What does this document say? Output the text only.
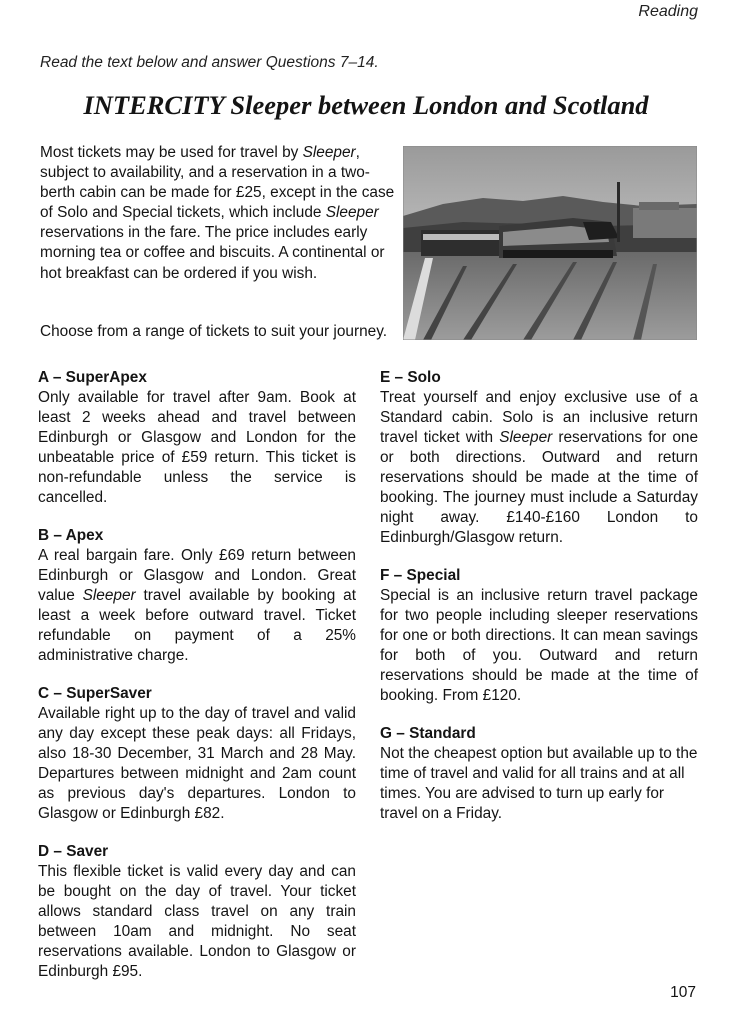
Reading
Read the text below and answer Questions 7–14.
INTERCITY Sleeper between London and Scotland

Most tickets may be used for travel by Sleeper, subject to availability, and a reservation in a two-berth cabin can be made for £25, except in the case of Solo and Special tickets, which include Sleeper reservations in the fare. The price includes early morning tea or coffee and biscuits. A continental or hot breakfast can be ordered if you wish.

Choose from a range of tickets to suit your journey.

A – SuperApex

Only available for travel after 9am. Book at least 2 weeks ahead and travel between Edinburgh or Glasgow and London for the unbeatable price of £59 return. This ticket is non-refundable unless the service is cancelled.

B – Apex

A real bargain fare. Only £69 return between Edinburgh or Glasgow and London. Great value Sleeper travel available by booking at least a week before outward travel. Ticket refundable on payment of a 25% administrative charge.

C – SuperSaver

Available right up to the day of travel and valid any day except these peak days: all Fridays, also 18-30 December, 31 March and 28 May. Departures between midnight and 2am count as previous day's departures. London to Glasgow or Edinburgh £82.

D – Saver

This flexible ticket is valid every day and can be bought on the day of travel. Your ticket allows standard class travel on any train between 10am and midnight. No seat reservations available. London to Glasgow or Edinburgh £95.

E – Solo

Treat yourself and enjoy exclusive use of a Standard cabin. Solo is an inclusive return travel ticket with Sleeper reservations for one or both directions. Outward and return reservations should be made at the time of booking. The journey must include a Saturday night away. £140-£160 London to Edinburgh/Glasgow return.

F – Special

Special is an inclusive return travel package for two people including sleeper reservations for one or both directions. It can mean savings for both of you. Outward and return reservations should be made at the time of booking. From £120.

G – Standard

Not the cheapest option but available up to the time of travel and valid for all trains and at all times. You are advised to turn up early for travel on a Friday.

107
